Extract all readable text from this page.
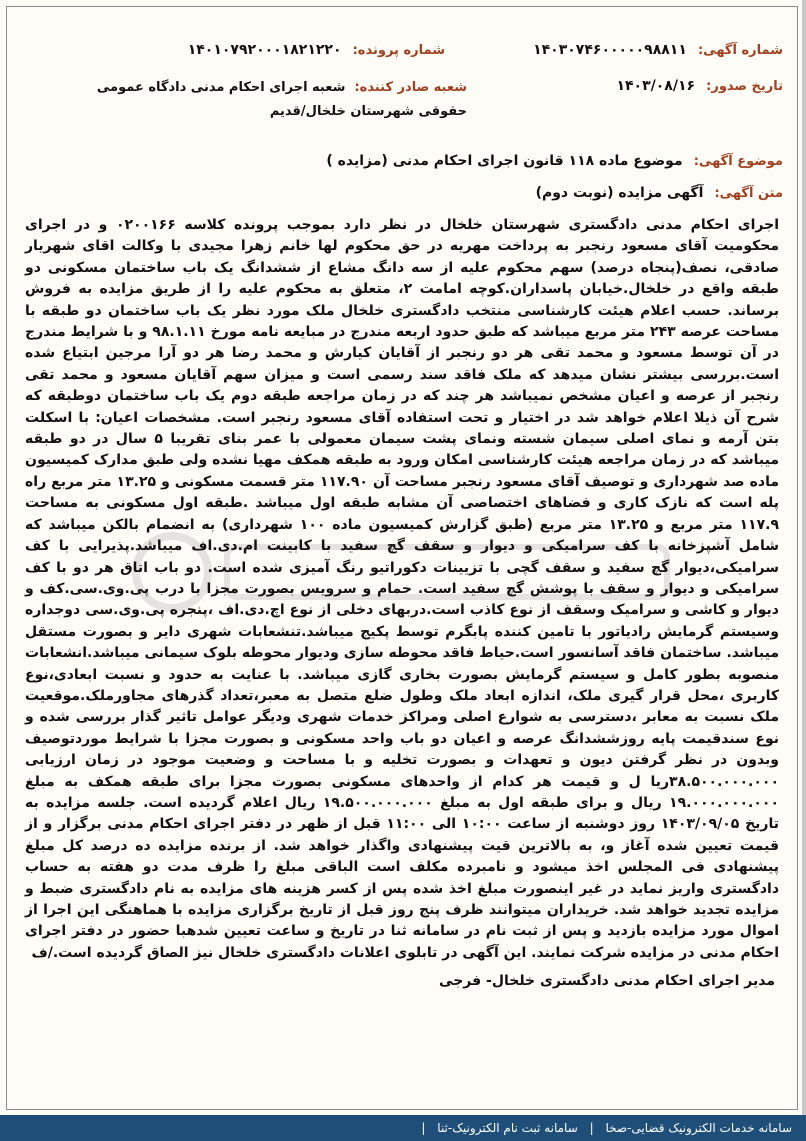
شماره آگهی: ۱۴۰۳۰۷۴۶۰۰۰۰۰۹۸۸۱۱
شماره پرونده: ۱۴۰۱۰۷۹۲۰۰۰۱۸۲۱۲۲۰
تاریخ صدور: ۱۴۰۳/۰۸/۱۶
شعبه صادر کننده: شعبه اجرای احکام مدنی دادگاه عمومی حقوقی شهرستان خلخال/قدیم
موضوع آگهی: موضوع ماده ۱۱۸ قانون اجرای احکام مدنی (مزایده )
متن آگهی: آگهی مزایده (نوبت دوم)
اجرای احکام مدنی دادگستری شهرستان خلخال در نظر دارد بموجب پرونده کلاسه ۰۲۰۰۱۶۶ و در اجرای محکومیت آقای مسعود رنجبر به پرداخت مهریه در حق محکوم لها خانم زهرا مجیدی با وکالت اقای شهریار صادقی، نصف(پنجاه درصد) سهم محکوم علیه از سه دانگ مشاع از ششدانگ یک باب ساختمان مسکونی دو طبقه واقع در خلخال.خیابان پاسداران.کوچه امامت ۲، متعلق به محکوم علیه را از طریق مزایده به فروش برساند. حسب اعلام هیئت کارشناسی منتخب دادگستری خلخال ملک مورد نظر یک باب ساختمان دو طبقه با مساحت عرصه ۲۴۳ متر مربع میباشد که طبق حدود اربعه مندرج در مبایعه نامه مورخ ۹۸.۱.۱۱ و با شرایط مندرج در آن توسط مسعود و محمد تقی هر دو رنجبر از آقایان کیارش و محمد رضا هر دو آرا مرجین ابتیاع شده است.بررسی بیشتر نشان میدهد که ملک فاقد سند رسمی است و میزان سهم آقایان مسعود و محمد تقی رنجبر از عرصه و اعیان مشخص نمیباشد هر چند که در زمان مراجعه طبقه دوم یک باب ساختمان دوطبقه که شرح آن ذیلا اعلام خواهد شد در اختیار و تحت استفاده آقای مسعود رنجبر است. مشخصات اعیان: با اسکلت بتن آرمه و نمای اصلی سیمان شسته ونمای پشت سیمان معمولی با عمر بنای تقریبا ۵ سال در دو طبقه میباشد که در زمان مراجعه هیئت کارشناسی امکان ورود به طبقه همکف مهیا نشده ولی طبق مدارک کمیسیون ماده صد شهرداری و توصیف آقای مسعود رنجبر مساحت آن ۱۱۷.۹۰ متر قسمت مسکونی و ۱۳.۲۵ متر مربع راه پله است که نازک کاری و فضاهای اختصاصی آن مشابه طبقه اول میباشد .طبقه اول مسکونی به مساحت ۱۱۷.۹ متر مربع و ۱۳.۲۵ متر مربع (طبق گزارش کمیسیون ماده ۱۰۰ شهرداری) به انضمام بالکن میباشد که شامل آشپزخانه با کف سرامیکی و دیوار و سقف گچ سفید با کابینت ام.دی.اف میباشد.پذیرایی با کف سرامیکی،دیوار گچ سفید و سقف گچی با تزیینات دکوراتیو رنگ آمیزی شده است. دو باب اتاق هر دو با کف سرامیکی و دیوار و سقف با پوشش گچ سفید است. حمام و سرویس بصورت مجزا با درب پی.وی.سی.کف و دیوار و کاشی و سرامیک وسقف از نوع کاذب است.دربهای دخلی از نوع اچ.دی.اف ،پنجره پی.وی.سی دوجداره وسیستم گرمایش رادیاتور با تامین کننده پابگرم توسط پکیج میباشد.تنشعابات شهری دایر و بصورت مستقل میباشد. ساختمان فاقد آسانسور است.حیاط فاقد محوطه سازی ودیوار محوطه بلوک سیمانی میباشد.انشعابات منصوبه بطور کامل و سیستم گرمایش بصورت بخاری گازی میباشد. با عنایت به حدود و نسبت ابعادی،نوع کاربری ،محل قرار گیری ملک، اندازه ابعاد ملک وطول ضلع متصل به معبر،تعداد گذرهای مجاورملک.موقعیت ملک نسبت به معابر ،دسترسی به شوارع اصلی ومراکز خدمات شهری ودیگر عوامل تاثیر گذار بررسی شده و نوع سندقیمت پایه روزششدانگ عرصه و اعیان دو باب واحد مسکونی و بصورت مجزا با شرایط موردتوصیف وبدون در نظر گرفتن دیون و تعهدات و بصورت تخلیه و با مساحت و وضعیت موجود در زمان ارزیابی ۳۸.۵۰۰.۰۰۰.۰۰۰ریا ل و قیمت هر کدام از واحدهای مسکونی بصورت مجزا برای طبقه همکف به مبلغ ۱۹.۰۰۰.۰۰۰.۰۰۰ ریال و برای طبقه اول به مبلغ ۱۹.۵۰۰.۰۰۰.۰۰۰ ریال اعلام گردیده است. جلسه مزایده به تاریخ ۱۴۰۳/۰۹/۰۵ روز دوشنبه از ساعت ۱۰:۰۰ الی ۱۱:۰۰ قبل از ظهر در دفتر اجرای احکام مدنی برگزار و از قیمت تعیین شده آغاز و، به بالاترین قیت پیشنهادی واگذار خواهد شد. از برنده مزایده ده درصد کل مبلغ پیشنهادی فی المجلس اخذ میشود و نامبرده مکلف است الباقی مبلغ را ظرف مدت دو هفته به حساب دادگستری واریز نماید در غیر اینصورت مبلغ اخذ شده پس از کسر هزینه های مزایده به نام دادگستری ضبط و مزایده تجدید خواهد شد. خریداران میتوانند ظرف پنج روز قبل از تاریخ برگزاری مزایده با هماهنگی این اجرا از اموال مورد مزایده بازدید و پس از ثبت نام در سامانه ثنا در تاریخ و ساعت تعیین شدهبا حضور در دفتر اجرای احکام مدنی در مزایده شرکت نمایند. این آگهی در تابلوی اعلانات دادگستری خلخال نیز الصاق گردیده است./ف
مدیر اجرای احکام مدنی دادگستری خلخال- فرجی
سامانه خدمات الکترونیک قضایی-صخا | سامانه ثبت نام الکترونیک-ثنا |
